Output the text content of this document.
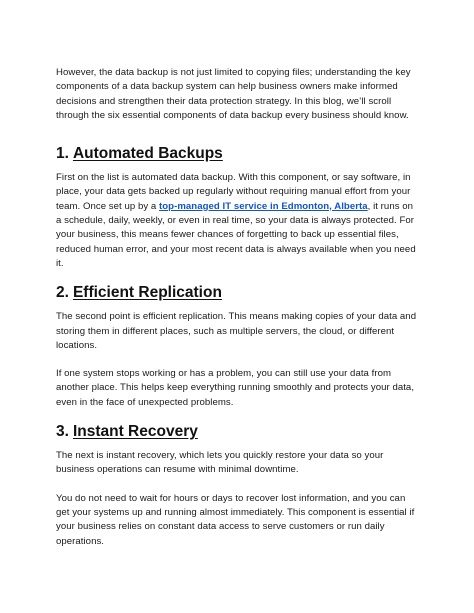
However, the data backup is not just limited to copying files; understanding the key components of a data backup system can help business owners make informed decisions and strengthen their data protection strategy. In this blog, we’ll scroll through the six essential components of data backup every business should know.

1. Automated Backups

First on the list is automated data backup. With this component, or say software, in place, your data gets backed up regularly without requiring manual effort from your team. Once set up by a top-managed IT service in Edmonton, Alberta, it runs on a schedule, daily, weekly, or even in real time, so your data is always protected. For your business, this means fewer chances of forgetting to back up essential files, reduced human error, and your most recent data is always available when you need it.

2. Efficient Replication

The second point is efficient replication. This means making copies of your data and storing them in different places, such as multiple servers, the cloud, or different locations.

If one system stops working or has a problem, you can still use your data from another place. This helps keep everything running smoothly and protects your data, even in the face of unexpected problems.

3. Instant Recovery

The next is instant recovery, which lets you quickly restore your data so your business operations can resume with minimal downtime.

You do not need to wait for hours or days to recover lost information, and you can get your systems up and running almost immediately. This component is essential if your business relies on constant data access to serve customers or run daily operations.
